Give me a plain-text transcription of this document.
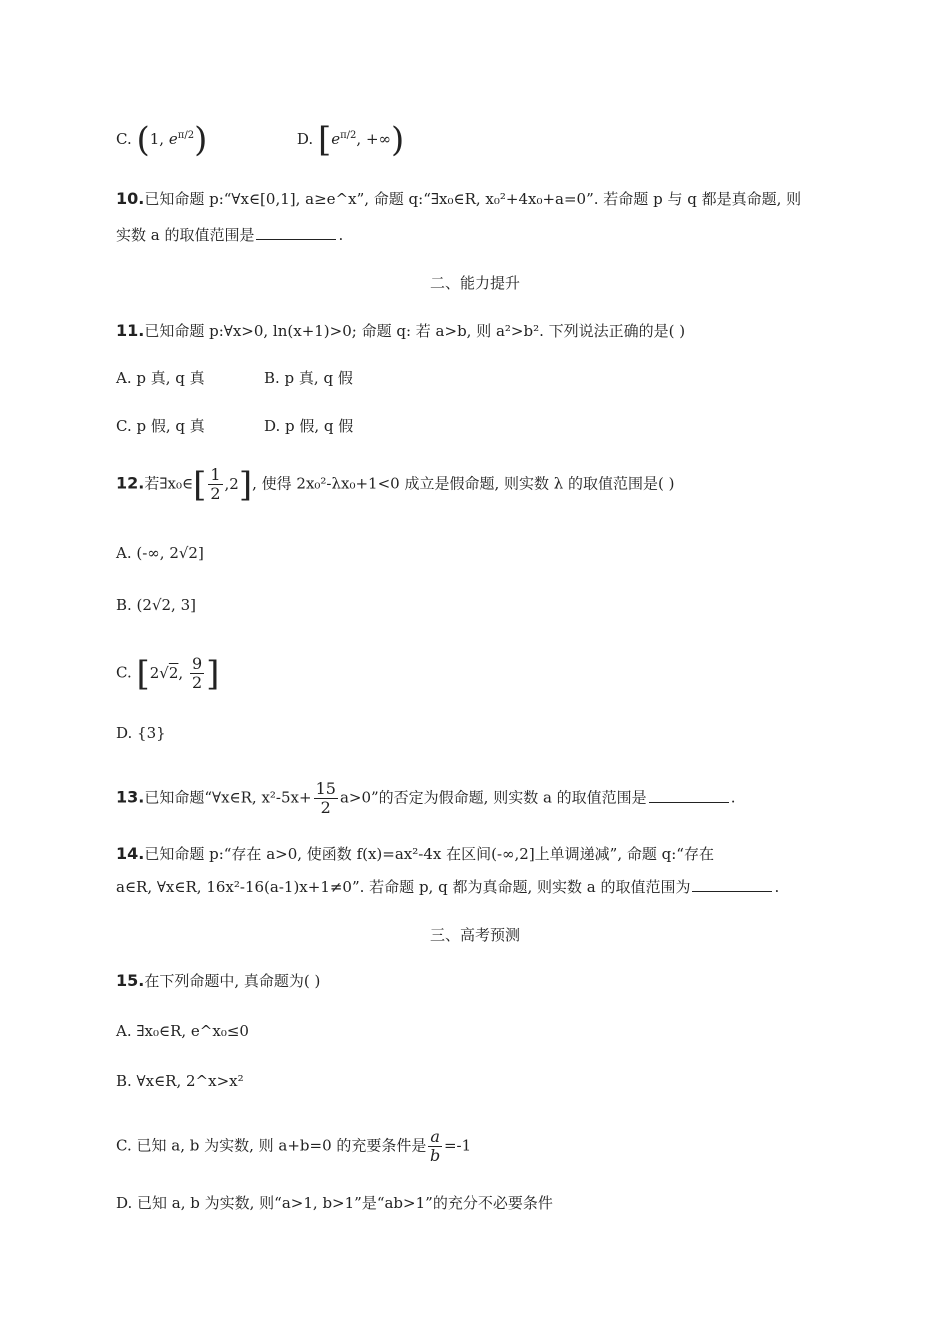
C. (1, $e^{\pi/2}$)	D. [$e^{\pi/2}$, +∞)
10.已知命题 p:“∀x∈[0,1], a≥e^x”, 命题 q:“∃x₀∈R, x₀²+4x₀+a=0”. 若命题 p 与 q 都是真命题, 则
实数 a 的取值范围是	.
二、能力提升
11.已知命题 p:∀x>0, ln(x+1)>0; 命题 q: 若 a>b, 则 a²>b². 下列说法正确的是( )
A. p 真, q 真	B. p 真, q 假
C. p 假, q 真	D. p 假, q 假
12.若∃x₀∈[ $\frac{1}{2} ,2$], 使得 2x₀²-λx₀+1<0 成立是假命题, 则实数 λ 的取值范围是( )
A. (-∞, 2√2]
B. (2√2, 3]
C. [2√2, $\frac{9}{2}$ ]
D. {3}
13.已知命题“∀x∈R, $x^2-5x+ \frac{15}{2} a>0$”的否定为假命题, 则实数 a 的取值范围是	.
14.已知命题 p:“存在 a>0, 使函数 f(x)=ax²-4x 在区间(-∞,2]上单调递减”, 命题 q:“存在
a∈R, ∀x∈R, 16x²-16(a-1)x+1≠0”. 若命题 p, q 都为真命题, 则实数 a 的取值范围为	.
三、高考预测
15.在下列命题中, 真命题为( )
A. ∃x₀∈R, e^x₀≤0
B. ∀x∈R, 2^x>x²
C. 已知 a, b 为实数, 则 a+b=0 的充要条件是 $\frac{a}{b} =-1$
D. 已知 a, b 为实数, 则“a>1, b>1”是“ab>1”的充分不必要条件
